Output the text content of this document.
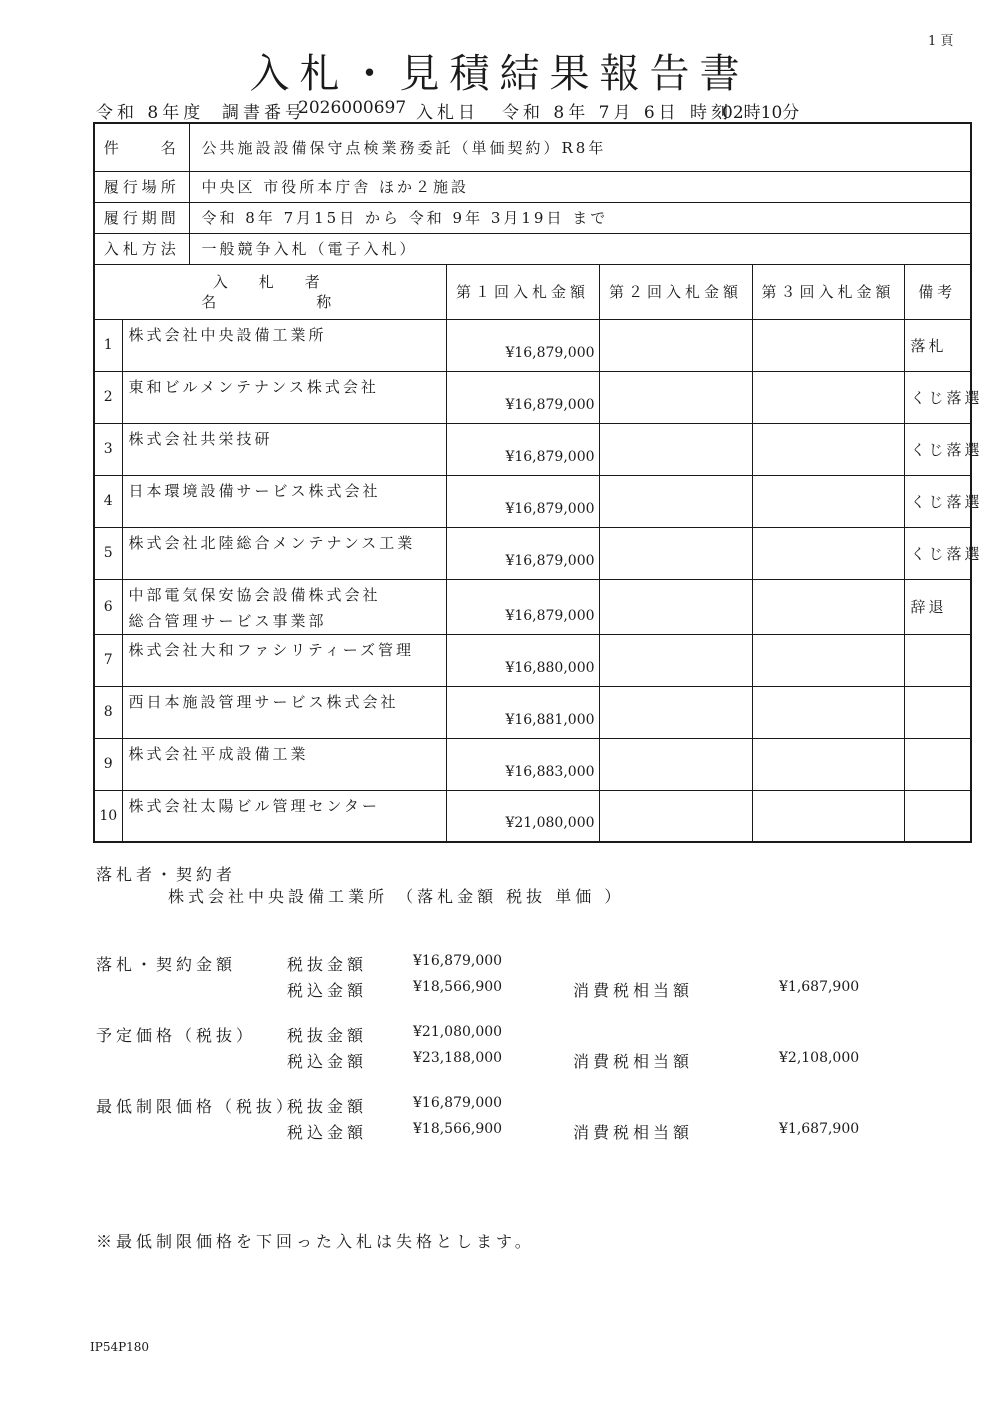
1 頁
入札・見積結果報告書
令和 8年度 調書番号
2026000697 入札日 令和 8年 7月 6日 時刻
02時10分
件　　名		公共施設設備保守点検業務委託（単価契約）R8年				
履行場所		中央区 市役所本庁舎 ほか２施設				
履行期間		令和 8年 7月15日 から 令和 9年 3月19日 まで				
入札方法		一般競争入札（電子入札）				

入　札　者
名　　　　称			第１回入札金額	第２回入札金額	第３回入札金額	備考
1	株式会社中央設備工業所		¥16,879,000			落札
2	東和ビルメンテナンス株式会社		¥16,879,000			くじ落選
3	株式会社共栄技研		¥16,879,000			くじ落選
4	日本環境設備サービス株式会社		¥16,879,000			くじ落選
5	株式会社北陸総合メンテナンス工業		¥16,879,000			くじ落選
6	中部電気保安協会設備株式会社　　　　総合管理サービス事業部		¥16,879,000			辞退
7	株式会社大和ファシリティーズ管理		¥16,880,000			
8	西日本施設管理サービス株式会社		¥16,881,000			
9	株式会社平成設備工業		¥16,883,000			
10	株式会社太陽ビル管理センター		¥21,080,000			
落札者・契約者
株式会社中央設備工業所 （落札金額 税抜 単価 ）
落札・契約金額	税抜金額	¥16,879,000
税込金額	¥18,566,900	消費税相当額	¥1,687,900
予定価格（税抜） 税抜金額	¥21,080,000
税込金額	¥23,188,000	消費税相当額	¥2,108,000
最低制限価格（税抜）
税抜金額	¥16,879,000
税込金額	¥18,566,900	消費税相当額	¥1,687,900
※最低制限価格を下回った入札は失格とします。
IP54P180
